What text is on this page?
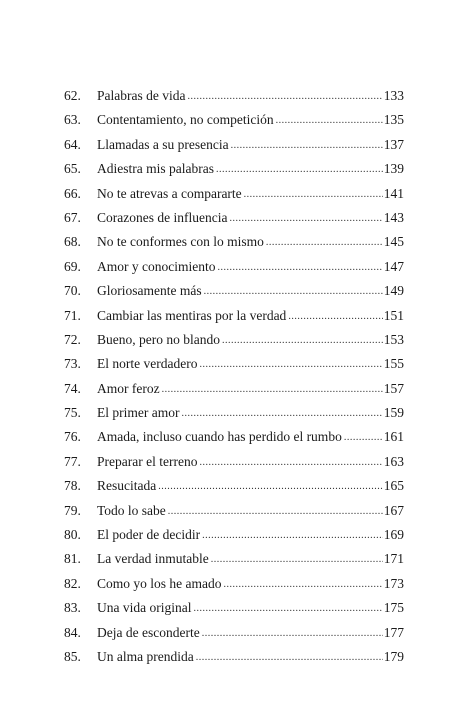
62.	Palabras de vida .....	133
63.	Contentamiento, no competición .....	135
64.	Llamadas a su presencia .....	137
65.	Adiestra mis palabras .....	139
66.	No te atrevas a compararte .....	141
67.	Corazones de influencia .....	143
68.	No te conformes con lo mismo .....	145
69.	Amor y conocimiento .....	147
70.	Gloriosamente más .....	149
71.	Cambiar las mentiras por la verdad .....	151
72.	Bueno, pero no blando .....	153
73.	El norte verdadero .....	155
74.	Amor feroz .....	157
75.	El primer amor .....	159
76.	Amada, incluso cuando has perdido el rumbo .....	161
77.	Preparar el terreno .....	163
78.	Resucitada .....	165
79.	Todo lo sabe .....	167
80.	El poder de decidir .....	169
81.	La verdad inmutable .....	171
82.	Como yo los he amado .....	173
83.	Una vida original .....	175
84.	Deja de esconderte .....	177
85.	Un alma prendida .....	179
